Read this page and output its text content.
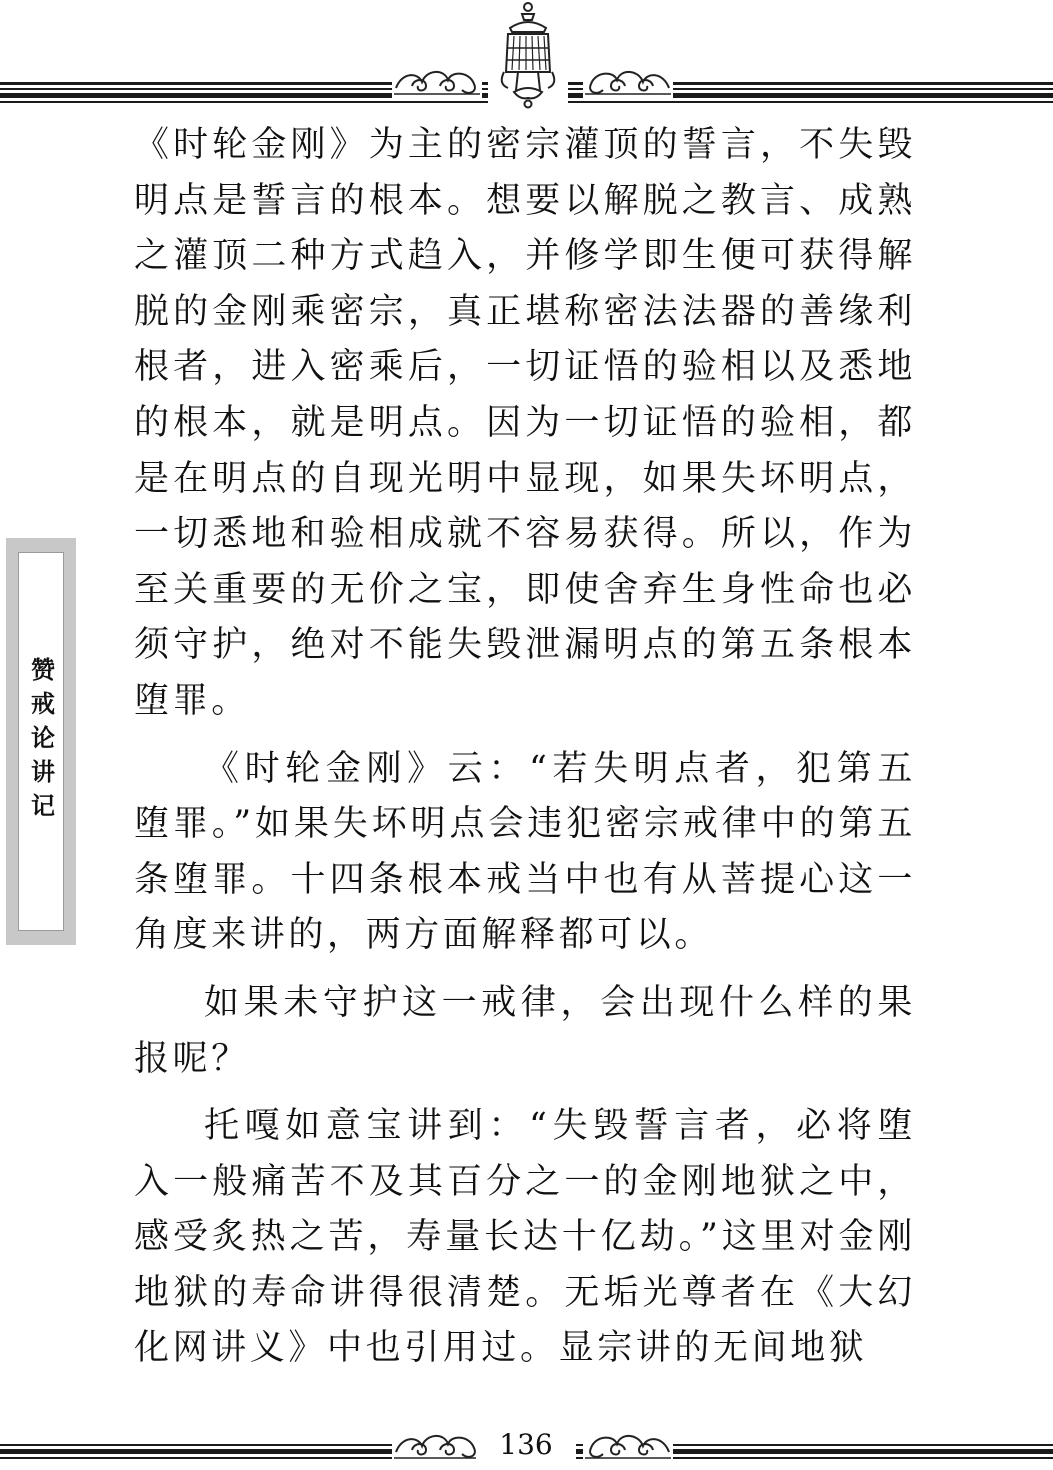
赞戒论讲记

《时轮金刚》为主的密宗灌顶的誓言，不失毁明点是誓言的根本。想要以解脱之教言、成熟之灌顶二种方式趋入，并修学即生便可获得解脱的金刚乘密宗，真正堪称密法法器的善缘利根者，进入密乘后，一切证悟的验相以及悉地的根本，就是明点。因为一切证悟的验相，都是在明点的自现光明中显现，如果失坏明点，一切悉地和验相成就不容易获得。所以，作为至关重要的无价之宝，即使舍弃生身性命也必须守护，绝对不能失毁泄漏明点的第五条根本堕罪。

《时轮金刚》云：“若失明点者，犯第五堕罪。”如果失坏明点会违犯密宗戒律中的第五条堕罪。十四条根本戒当中也有从菩提心这一角度来讲的，两方面解释都可以。

如果未守护这一戒律，会出现什么样的果报呢？

托嘎如意宝讲到：“失毁誓言者，必将堕入一般痛苦不及其百分之一的金刚地狱之中，感受炙热之苦，寿量长达十亿劫。”这里对金刚地狱的寿命讲得很清楚。无垢光尊者在《大幻化网讲义》中也引用过。显宗讲的无间地狱

136
